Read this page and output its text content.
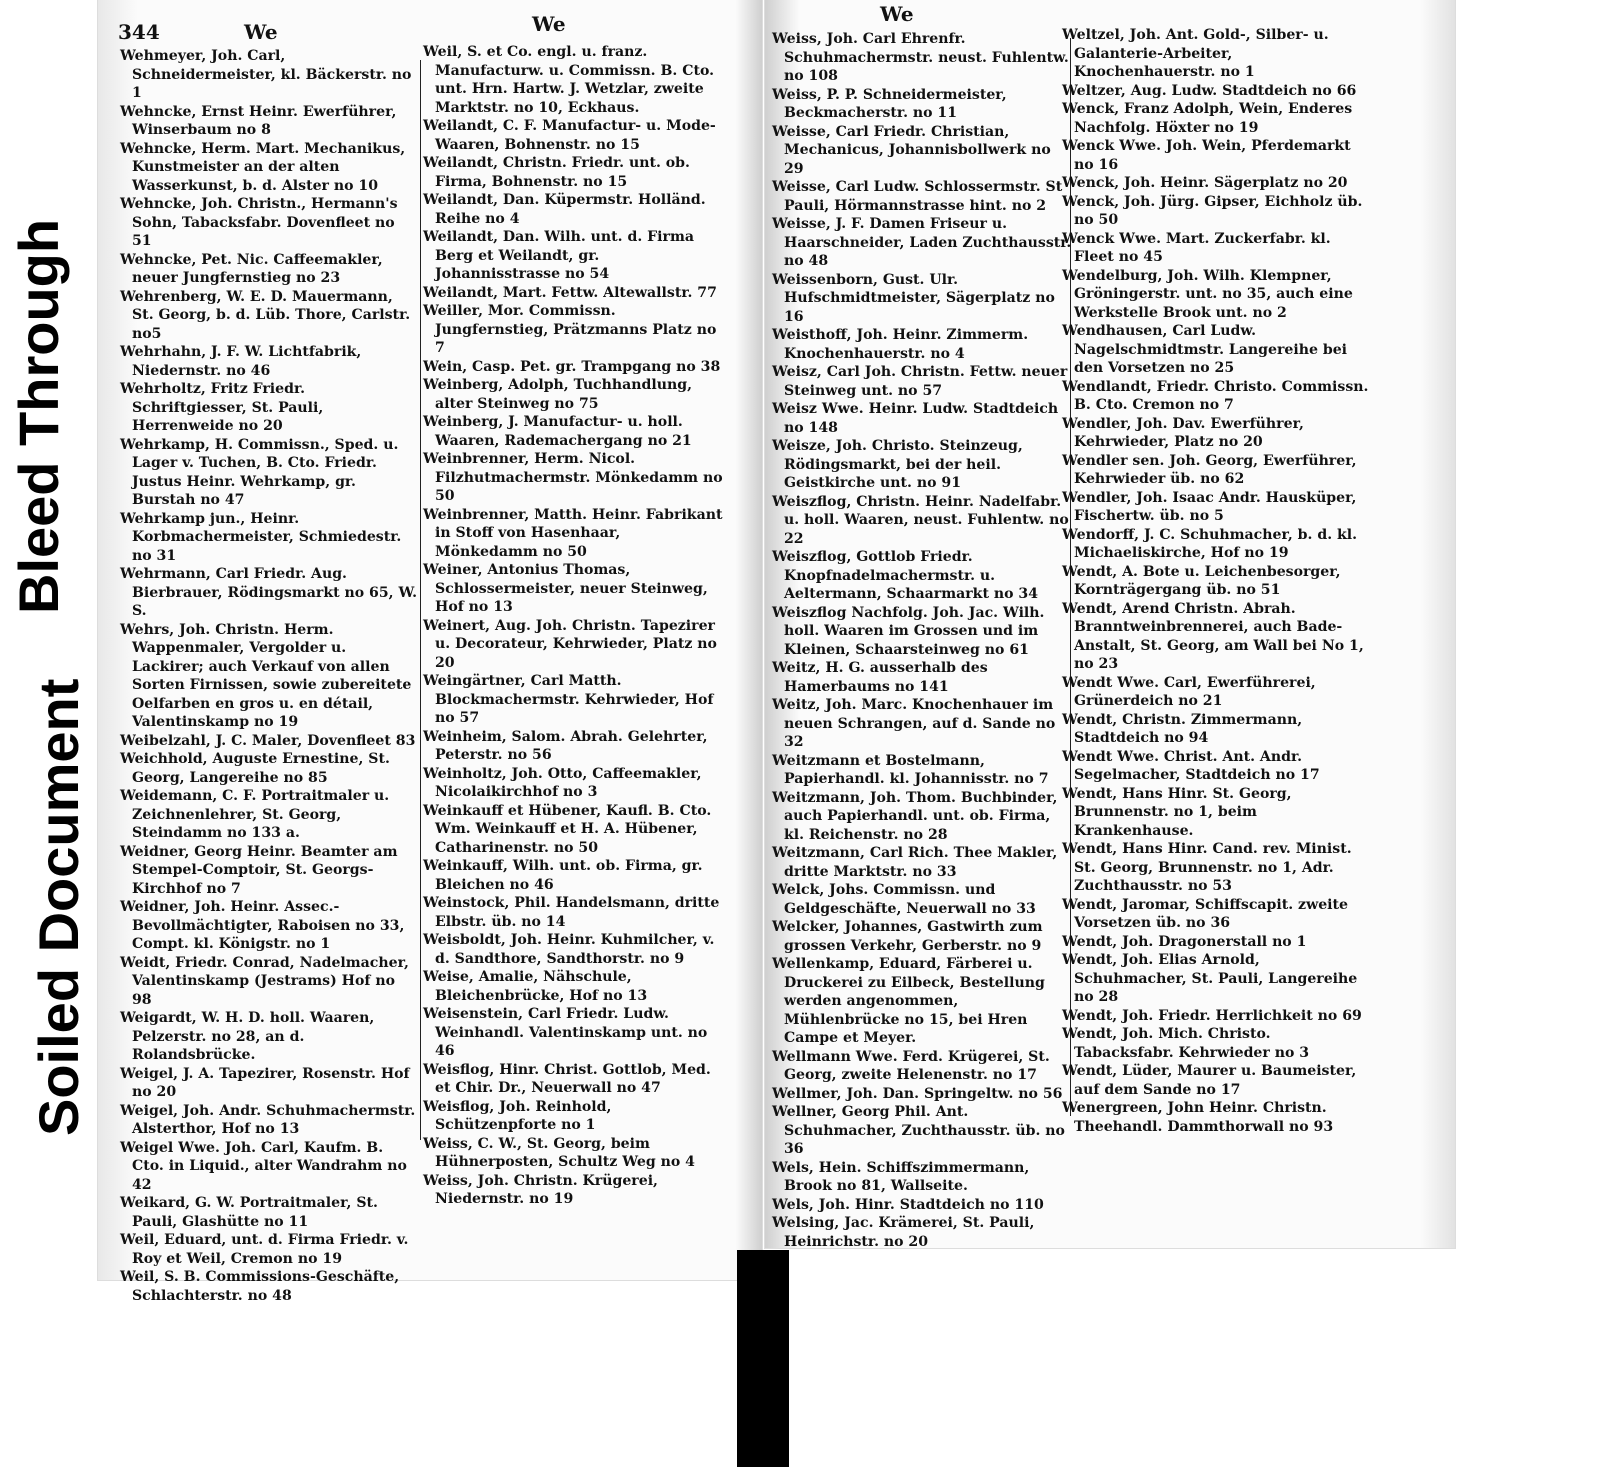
Soiled Document
Bleed Through
344	We	We	We

Wehmeyer, Joh. Carl, Schneidermeister, kl. Bäckerstr. no 1

Wehncke, Ernst Heinr. Ewerführer, Winserbaum no 8

Wehncke, Herm. Mart. Mechanikus, Kunstmeister an der alten Wasserkunst, b. d. Alster no 10

Wehncke, Joh. Christn., Hermann's Sohn, Tabacksfabr. Dovenfleet no 51

Wehncke, Pet. Nic. Caffeemakler, neuer Jungfernstieg no 23

Wehrenberg, W. E. D. Mauermann, St. Georg, b. d. Lüb. Thore, Carlstr. no5

Wehrhahn, J. F. W. Lichtfabrik, Niedernstr. no 46

Wehrholtz, Fritz Friedr. Schriftgiesser, St. Pauli, Herrenweide no 20

Wehrkamp, H. Commissn., Sped. u. Lager v. Tuchen, B. Cto. Friedr. Justus Heinr. Wehrkamp, gr. Burstah no 47

Wehrkamp jun., Heinr. Korbmachermeister, Schmiedestr. no 31

Wehrmann, Carl Friedr. Aug. Bierbrauer, Rödingsmarkt no 65, W. S.

Wehrs, Joh. Christn. Herm. Wappenmaler, Vergolder u. Lackirer; auch Verkauf von allen Sorten Firnissen, sowie zubereitete Oelfarben en gros u. en détail, Valentinskamp no 19

Weibelzahl, J. C. Maler, Dovenfleet 83

Weichhold, Auguste Ernestine, St. Georg, Langereihe no 85

Weidemann, C. F. Portraitmaler u. Zeichnenlehrer, St. Georg, Steindamm no 133 a.

Weidner, Georg Heinr. Beamter am Stempel-Comptoir, St. Georgs-Kirchhof no 7

Weidner, Joh. Heinr. Assec.-Bevollmächtigter, Raboisen no 33, Compt. kl. Königstr. no 1

Weidt, Friedr. Conrad, Nadelmacher, Valentinskamp (Jestrams) Hof no 98

Weigardt, W. H. D. holl. Waaren, Pelzerstr. no 28, an d. Rolandsbrücke.

Weigel, J. A. Tapezirer, Rosenstr. Hof no 20

Weigel, Joh. Andr. Schuhmachermstr. Alsterthor, Hof no 13

Weigel Wwe. Joh. Carl, Kaufm. B. Cto. in Liquid., alter Wandrahm no 42

Weikard, G. W. Portraitmaler, St. Pauli, Glashütte no 11

Weil, Eduard, unt. d. Firma Friedr. v. Roy et Weil, Cremon no 19

Weil, S. B. Commissions-Geschäfte, Schlachterstr. no 48

Weil, S. et Co. engl. u. franz. Manufacturw. u. Commissn. B. Cto. unt. Hrn. Hartw. J. Wetzlar, zweite Marktstr. no 10, Eckhaus.

Weilandt, C. F. Manufactur- u. Mode-Waaren, Bohnenstr. no 15

Weilandt, Christn. Friedr. unt. ob. Firma, Bohnenstr. no 15

Weilandt, Dan. Küpermstr. Holländ. Reihe no 4

Weilandt, Dan. Wilh. unt. d. Firma Berg et Weilandt, gr. Johannisstrasse no 54

Weilandt, Mart. Fettw. Altewallstr. 77

Weiller, Mor. Commissn. Jungfernstieg, Prätzmanns Platz no 7

Wein, Casp. Pet. gr. Trampgang no 38

Weinberg, Adolph, Tuchhandlung, alter Steinweg no 75

Weinberg, J. Manufactur- u. holl. Waaren, Rademachergang no 21

Weinbrenner, Herm. Nicol. Filzhutmachermstr. Mönkedamm no 50

Weinbrenner, Matth. Heinr. Fabrikant in Stoff von Hasenhaar, Mönkedamm no 50

Weiner, Antonius Thomas, Schlossermeister, neuer Steinweg, Hof no 13

Weinert, Aug. Joh. Christn. Tapezirer u. Decorateur, Kehrwieder, Platz no 20

Weingärtner, Carl Matth. Blockmachermstr. Kehrwieder, Hof no 57

Weinheim, Salom. Abrah. Gelehrter, Peterstr. no 56

Weinholtz, Joh. Otto, Caffeemakler, Nicolaikirchhof no 3

Weinkauff et Hübener, Kaufl. B. Cto. Wm. Weinkauff et H. A. Hübener, Catharinenstr. no 50

Weinkauff, Wilh. unt. ob. Firma, gr. Bleichen no 46

Weinstock, Phil. Handelsmann, dritte Elbstr. üb. no 14

Weisboldt, Joh. Heinr. Kuhmilcher, v. d. Sandthore, Sandthorstr. no 9

Weise, Amalie, Nähschule, Bleichenbrücke, Hof no 13

Weisenstein, Carl Friedr. Ludw. Weinhandl. Valentinskamp unt. no 46

Weisflog, Hinr. Christ. Gottlob, Med. et Chir. Dr., Neuerwall no 47

Weisflog, Joh. Reinhold, Schützenpforte no 1

Weiss, C. W., St. Georg, beim Hühnerposten, Schultz Weg no 4

Weiss, Joh. Christn. Krügerei, Niedernstr. no 19

Weiss, Joh. Carl Ehrenfr. Schuhmachermstr. neust. Fuhlentw. no 108

Weiss, P. P. Schneidermeister, Beckmacherstr. no 11

Weisse, Carl Friedr. Christian, Mechanicus, Johannisbollwerk no 29

Weisse, Carl Ludw. Schlossermstr. St Pauli, Hörmannstrasse hint. no 2

Weisse, J. F. Damen Friseur u. Haarschneider, Laden Zuchthausstr. no 48

Weissenborn, Gust. Ulr. Hufschmidtmeister, Sägerplatz no 16

Weisthoff, Joh. Heinr. Zimmerm. Knochenhauerstr. no 4

Weisz, Carl Joh. Christn. Fettw. neuer Steinweg unt. no 57

Weisz Wwe. Heinr. Ludw. Stadtdeich no 148

Weisze, Joh. Christo. Steinzeug, Rödingsmarkt, bei der heil. Geistkirche unt. no 91

Weiszflog, Christn. Heinr. Nadelfabr. u. holl. Waaren, neust. Fuhlentw. no 22

Weiszflog, Gottlob Friedr. Knopfnadelmachermstr. u. Aeltermann, Schaarmarkt no 34

Weiszflog Nachfolg. Joh. Jac. Wilh. holl. Waaren im Grossen und im Kleinen, Schaarsteinweg no 61

Weitz, H. G. ausserhalb des Hamerbaums no 141

Weitz, Joh. Marc. Knochenhauer im neuen Schrangen, auf d. Sande no 32

Weitzmann et Bostelmann, Papierhandl. kl. Johannisstr. no 7

Weitzmann, Joh. Thom. Buchbinder, auch Papierhandl. unt. ob. Firma, kl. Reichenstr. no 28

Weitzmann, Carl Rich. Thee Makler, dritte Marktstr. no 33

Welck, Johs. Commissn. und Geldgeschäfte, Neuerwall no 33

Welcker, Johannes, Gastwirth zum grossen Verkehr, Gerberstr. no 9

Wellenkamp, Eduard, Färberei u. Druckerei zu Eilbeck, Bestellung werden angenommen, Mühlenbrücke no 15, bei Hren Campe et Meyer.

Wellmann Wwe. Ferd. Krügerei, St. Georg, zweite Helenenstr. no 17

Wellmer, Joh. Dan. Springeltw. no 56

Wellner, Georg Phil. Ant. Schuhmacher, Zuchthausstr. üb. no 36

Wels, Hein. Schiffszimmermann, Brook no 81, Wallseite.

Wels, Joh. Hinr. Stadtdeich no 110

Welsing, Jac. Krämerei, St. Pauli, Heinrichstr. no 20

Weltzel, Joh. Ant. Gold-, Silber- u. Galanterie-Arbeiter, Knochenhauerstr. no 1

Weltzer, Aug. Ludw. Stadtdeich no 66

Wenck, Franz Adolph, Wein, Enderes Nachfolg. Höxter no 19

Wenck Wwe. Joh. Wein, Pferdemarkt no 16

Wenck, Joh. Heinr. Sägerplatz no 20

Wenck, Joh. Jürg. Gipser, Eichholz üb. no 50

Wenck Wwe. Mart. Zuckerfabr. kl. Fleet no 45

Wendelburg, Joh. Wilh. Klempner, Gröningerstr. unt. no 35, auch eine Werkstelle Brook unt. no 2

Wendhausen, Carl Ludw. Nagelschmidtmstr. Langereihe bei den Vorsetzen no 25

Wendlandt, Friedr. Christo. Commissn. B. Cto. Cremon no 7

Wendler, Joh. Dav. Ewerführer, Kehrwieder, Platz no 20

Wendler sen. Joh. Georg, Ewerführer, Kehrwieder üb. no 62

Wendler, Joh. Isaac Andr. Hausküper, Fischertw. üb. no 5

Wendorff, J. C. Schuhmacher, b. d. kl. Michaeliskirche, Hof no 19

Wendt, A. Bote u. Leichenbesorger, Kornträgergang üb. no 51

Wendt, Arend Christn. Abrah. Branntweinbrennerei, auch Bade-Anstalt, St. Georg, am Wall bei No 1, no 23

Wendt Wwe. Carl, Ewerführerei, Grünerdeich no 21

Wendt, Christn. Zimmermann, Stadtdeich no 94

Wendt Wwe. Christ. Ant. Andr. Segelmacher, Stadtdeich no 17

Wendt, Hans Hinr. St. Georg, Brunnenstr. no 1, beim Krankenhause.

Wendt, Hans Hinr. Cand. rev. Minist. St. Georg, Brunnenstr. no 1, Adr. Zuchthausstr. no 53

Wendt, Jaromar, Schiffscapit. zweite Vorsetzen üb. no 36

Wendt, Joh. Dragonerstall no 1

Wendt, Joh. Elias Arnold, Schuhmacher, St. Pauli, Langereihe no 28

Wendt, Joh. Friedr. Herrlichkeit no 69

Wendt, Joh. Mich. Christo. Tabacksfabr. Kehrwieder no 3

Wendt, Lüder, Maurer u. Baumeister, auf dem Sande no 17

Wenergreen, John Heinr. Christn. Theehandl. Dammthorwall no 93
